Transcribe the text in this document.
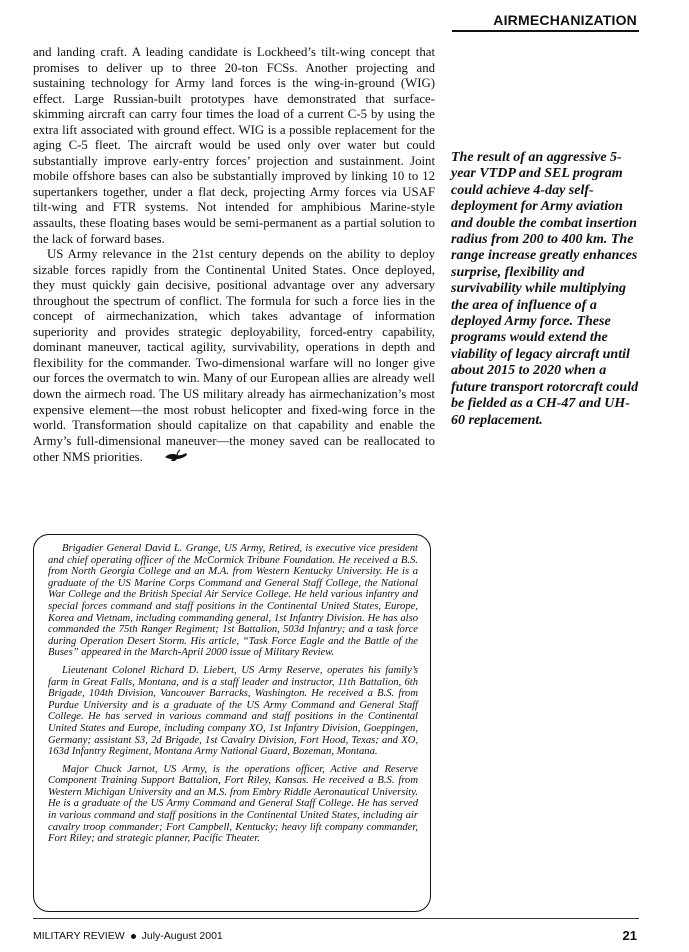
AIRMECHANIZATION

and landing craft. A leading candidate is Lockheed’s tilt-wing concept that promises to deliver up to three 20-ton FCSs. Another projecting and sustaining technology for Army land forces is the wing-in-ground (WIG) effect. Large Russian-built prototypes have demonstrated that surface-skimming aircraft can carry four times the load of a current C-5 by using the extra lift associated with ground effect. WIG is a possible replacement for the aging C-5 fleet. The aircraft would be used only over water but could substantially improve early-entry forces’ projection and sustainment. Joint mobile offshore bases can also be substantially improved by linking 10 to 12 supertankers together, under a flat deck, projecting Army forces via USAF tilt-wing and FTR systems. Not intended for amphibious Marine-style assaults, these floating bases would be semi-permanent as a partial solution to the lack of forward bases.

US Army relevance in the 21st century depends on the ability to deploy sizable forces rapidly from the Continental United States. Once deployed, they must quickly gain decisive, positional advantage over any adversary throughout the spectrum of conflict. The formula for such a force lies in the concept of airmechanization, which takes advantage of information superiority and provides strategic deployability, forced-entry capability, dominant maneuver, tactical agility, survivability, operations in depth and flexibility for the commander. Two-dimensional warfare will no longer give our forces the overmatch to win. Many of our European allies are already well down the airmech road. The US military already has airmechanization’s most expensive element—the most robust helicopter and fixed-wing force in the world. Transformation should capitalize on that capability and enable the Army’s full-dimensional maneuver—the money saved can be reallocated to other NMS priorities.

The result of an aggressive 5-year VTDP and SEL program could achieve 4-day self-deployment for Army aviation and double the combat insertion radius from 200 to 400 km. The range increase greatly enhances surprise, flexibility and survivability while multiplying the area of influence of a deployed Army force. These programs would extend the viability of legacy aircraft until about 2015 to 2020 when a future transport rotorcraft could be fielded as a CH-47 and UH-60 replacement.

Brigadier General David L. Grange, US Army, Retired, is executive vice president and chief operating officer of the McCormick Tribune Foundation. He received a B.S. from North Georgia College and an M.A. from Western Kentucky University. He is a graduate of the US Marine Corps Command and General Staff College, the National War College and the British Special Air Service College. He held various infantry and special forces command and staff positions in the Continental United States, Europe, Korea and Vietnam, including commanding general, 1st Infantry Division. He has also commanded the 75th Ranger Regiment; 1st Battalion, 503d Infantry; and a task force during Operation Desert Storm. His article, “Task Force Eagle and the Battle of the Buses” appeared in the March-April 2000 issue of Military Review.

Lieutenant Colonel Richard D. Liebert, US Army Reserve, operates his family’s farm in Great Falls, Montana, and is a staff leader and instructor, 11th Battalion, 6th Brigade, 104th Division, Vancouver Barracks, Washington. He received a B.S. from Purdue University and is a graduate of the US Army Command and General Staff College. He has served in various command and staff positions in the Continental United States and Europe, including company XO, 1st Infantry Division, Goeppingen, Germany; assistant S3, 2d Brigade, 1st Cavalry Division, Fort Hood, Texas; and XO, 163d Infantry Regiment, Montana Army National Guard, Bozeman, Montana.

Major Chuck Jarnot, US Army, is the operations officer, Active and Reserve Component Training Support Battalion, Fort Riley, Kansas. He received a B.S. from Western Michigan University and an M.S. from Embry Riddle Aeronautical University. He is a graduate of the US Army Command and General Staff College. He has served in various command and staff positions in the Continental United States, including air cavalry troop commander; Fort Campbell, Kentucky; heavy lift company commander, Fort Riley; and strategic planner, Pacific Theater.

MILITARY REVIEW July-August 2001	21
